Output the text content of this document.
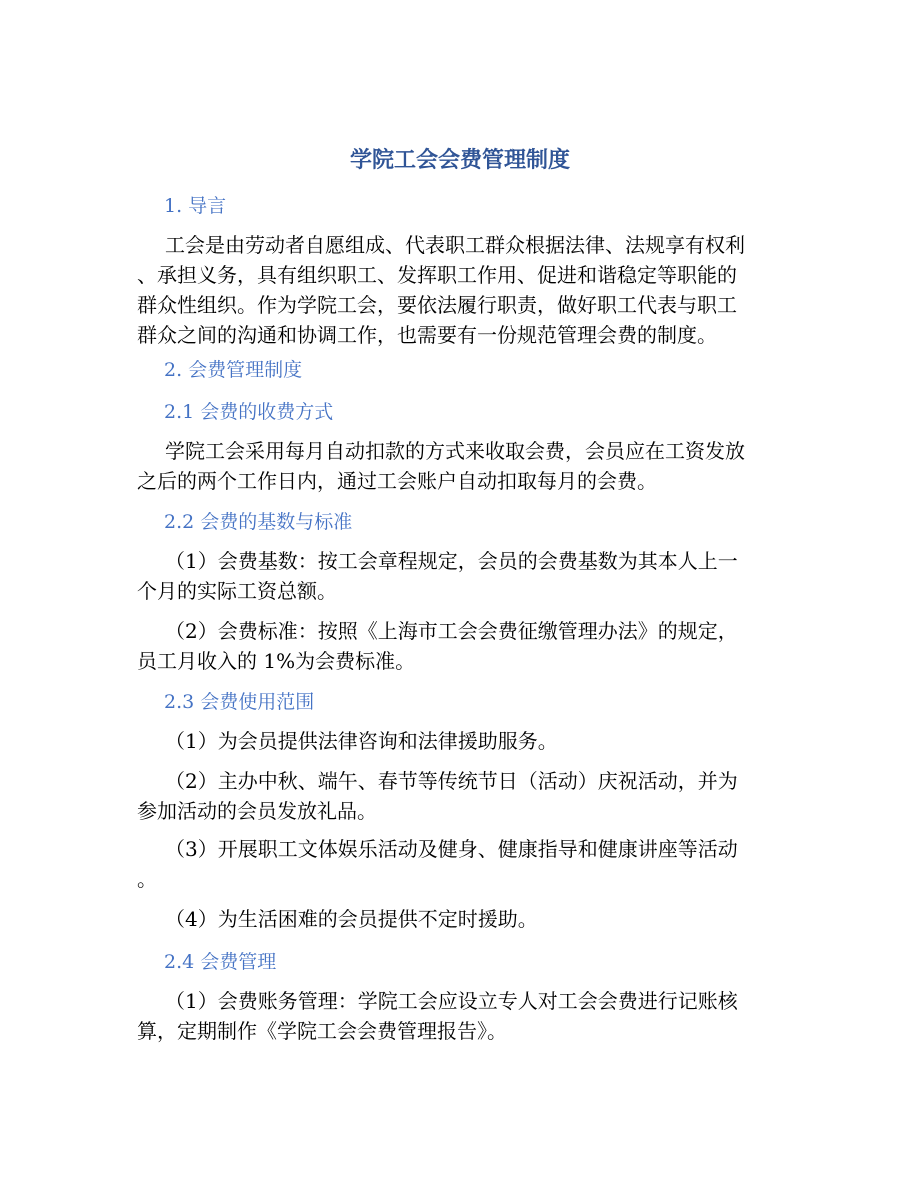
学院工会会费管理制度
1. 导言

工会是由劳动者自愿组成、代表职工群众根据法律、法规享有权利
、承担义务，具有组织职工、发挥职工作用、促进和谐稳定等职能的
群众性组织。作为学院工会，要依法履行职责，做好职工代表与职工
群众之间的沟通和协调工作，也需要有一份规范管理会费的制度。

2. 会费管理制度
2.1 会费的收费方式

学院工会采用每月自动扣款的方式来收取会费，会员应在工资发放
之后的两个工作日内，通过工会账户自动扣取每月的会费。

2.2 会费的基数与标准

（1）会费基数：按工会章程规定，会员的会费基数为其本人上一
个月的实际工资总额。

（2）会费标准：按照《上海市工会会费征缴管理办法》的规定，
员工月收入的 1%为会费标准。

2.3 会费使用范围

（1）为会员提供法律咨询和法律援助服务。

（2）主办中秋、端午、春节等传统节日（活动）庆祝活动，并为
参加活动的会员发放礼品。

（3）开展职工文体娱乐活动及健身、健康指导和健康讲座等活动
。

（4）为生活困难的会员提供不定时援助。

2.4 会费管理

（1）会费账务管理：学院工会应设立专人对工会会费进行记账核
算，定期制作《学院工会会费管理报告》。
